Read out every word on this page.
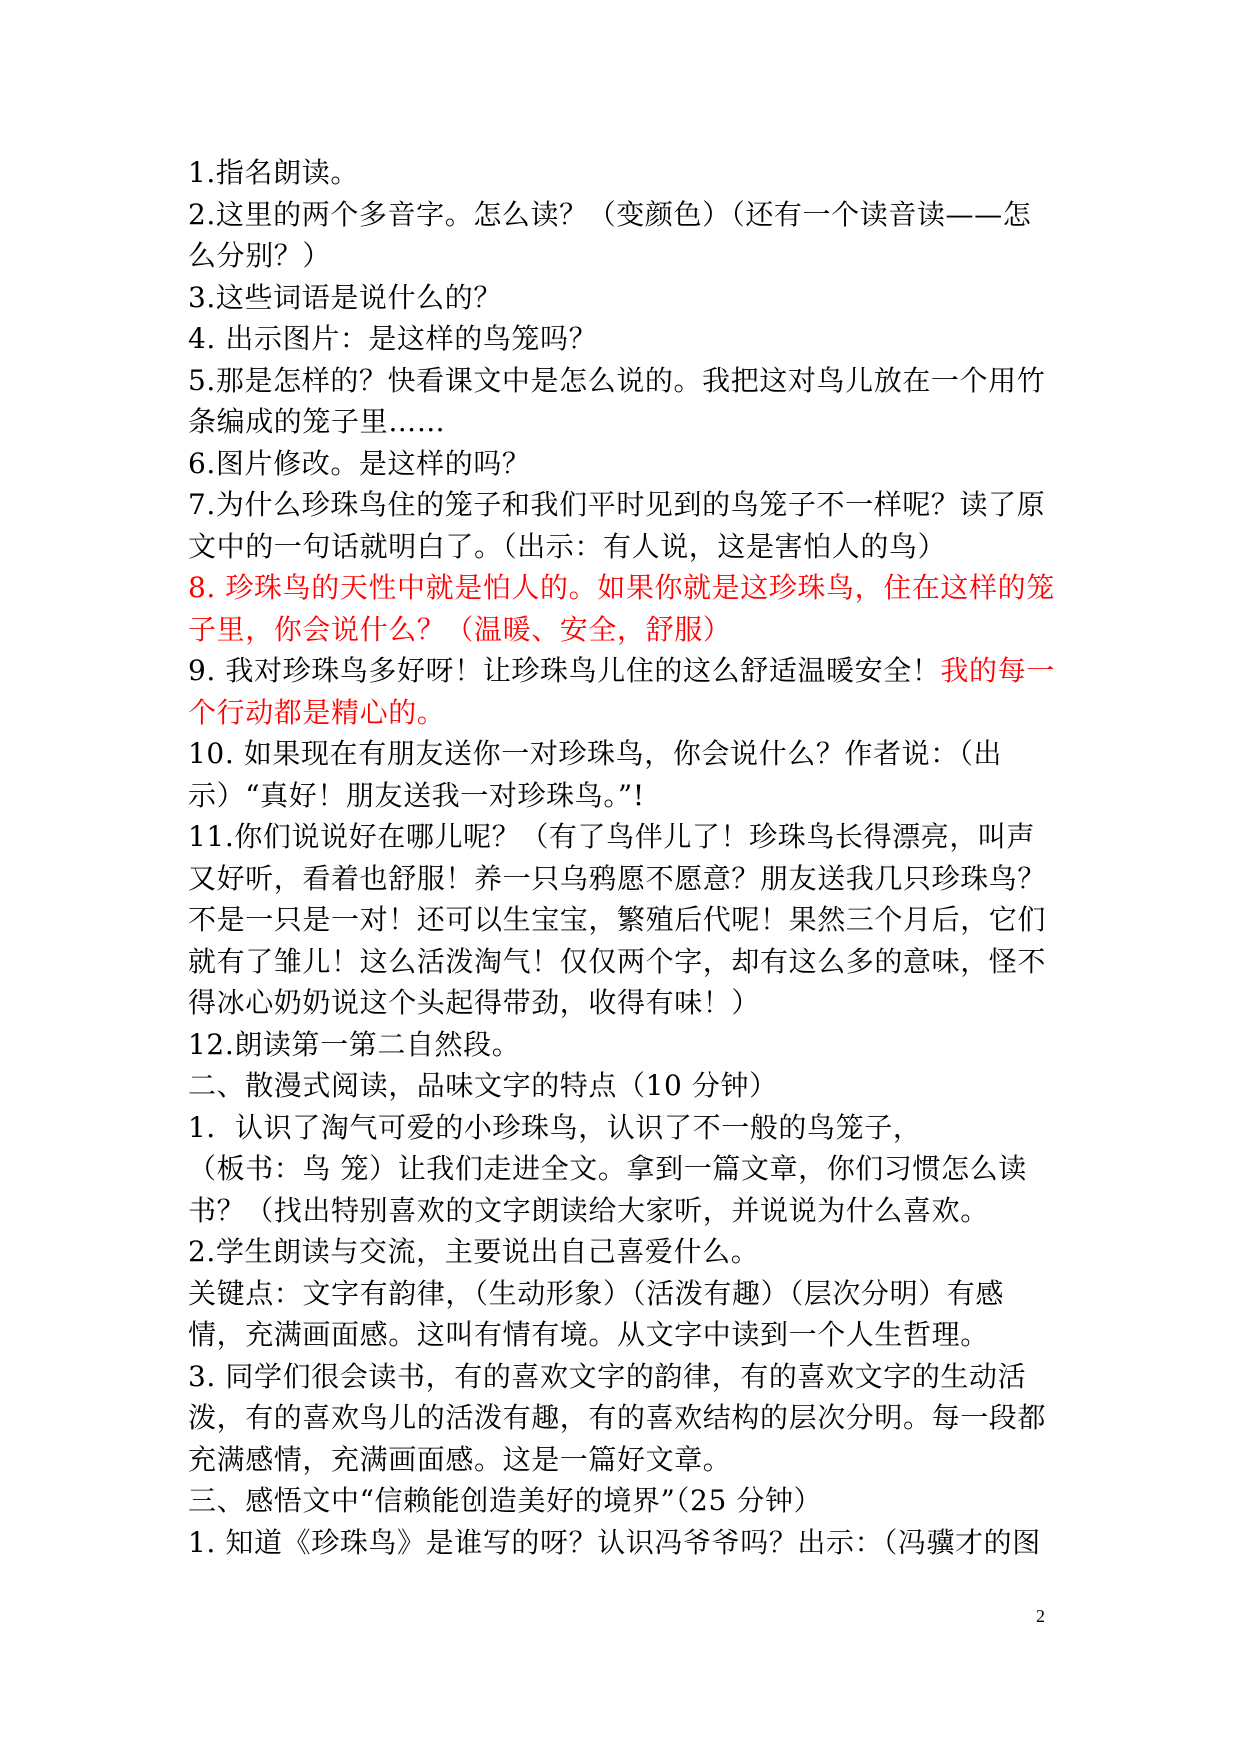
1.指名朗读。

2.这里的两个多音字。怎么读？（变颜色）（还有一个读音读——怎么分别？）

3.这些词语是说什么的？

4. 出示图片：是这样的鸟笼吗？

5.那是怎样的？快看课文中是怎么说的。我把这对鸟儿放在一个用竹条编成的笼子里……

6.图片修改。是这样的吗？

7.为什么珍珠鸟住的笼子和我们平时见到的鸟笼子不一样呢？读了原文中的一句话就明白了。（出示：有人说，这是害怕人的鸟）

8. 珍珠鸟的天性中就是怕人的。如果你就是这珍珠鸟，住在这样的笼子里，你会说什么？（温暖、安全，舒服）

9. 我对珍珠鸟多好呀！让珍珠鸟儿住的这么舒适温暖安全！我的每一个行动都是精心的。

10. 如果现在有朋友送你一对珍珠鸟，你会说什么？作者说：（出示）“真好！朋友送我一对珍珠鸟。”!

11.你们说说好在哪儿呢？（有了鸟伴儿了！珍珠鸟长得漂亮，叫声又好听，看着也舒服！养一只乌鸦愿不愿意？朋友送我几只珍珠鸟？不是一只是一对！还可以生宝宝，繁殖后代呢！果然三个月后，它们就有了雏儿！这么活泼淘气！仅仅两个字，却有这么多的意味，怪不得冰心奶奶说这个头起得带劲，收得有味！）

12.朗读第一第二自然段。

二、散漫式阅读，品味文字的特点（10 分钟）

1．认识了淘气可爱的小珍珠鸟，认识了不一般的鸟笼子，

（板书：鸟 笼）让我们走进全文。拿到一篇文章，你们习惯怎么读书？（找出特别喜欢的文字朗读给大家听，并说说为什么喜欢。

2.学生朗读与交流，主要说出自己喜爱什么。

关键点：文字有韵律，（生动形象）（活泼有趣）（层次分明）有感情，充满画面感。这叫有情有境。从文字中读到一个人生哲理。

3. 同学们很会读书，有的喜欢文字的韵律，有的喜欢文字的生动活泼，有的喜欢鸟儿的活泼有趣，有的喜欢结构的层次分明。每一段都充满感情，充满画面感。这是一篇好文章。

三、感悟文中“信赖能创造美好的境界”（25 分钟）

1. 知道《珍珠鸟》是谁写的呀？认识冯爷爷吗？出示：（冯骥才的图

2
